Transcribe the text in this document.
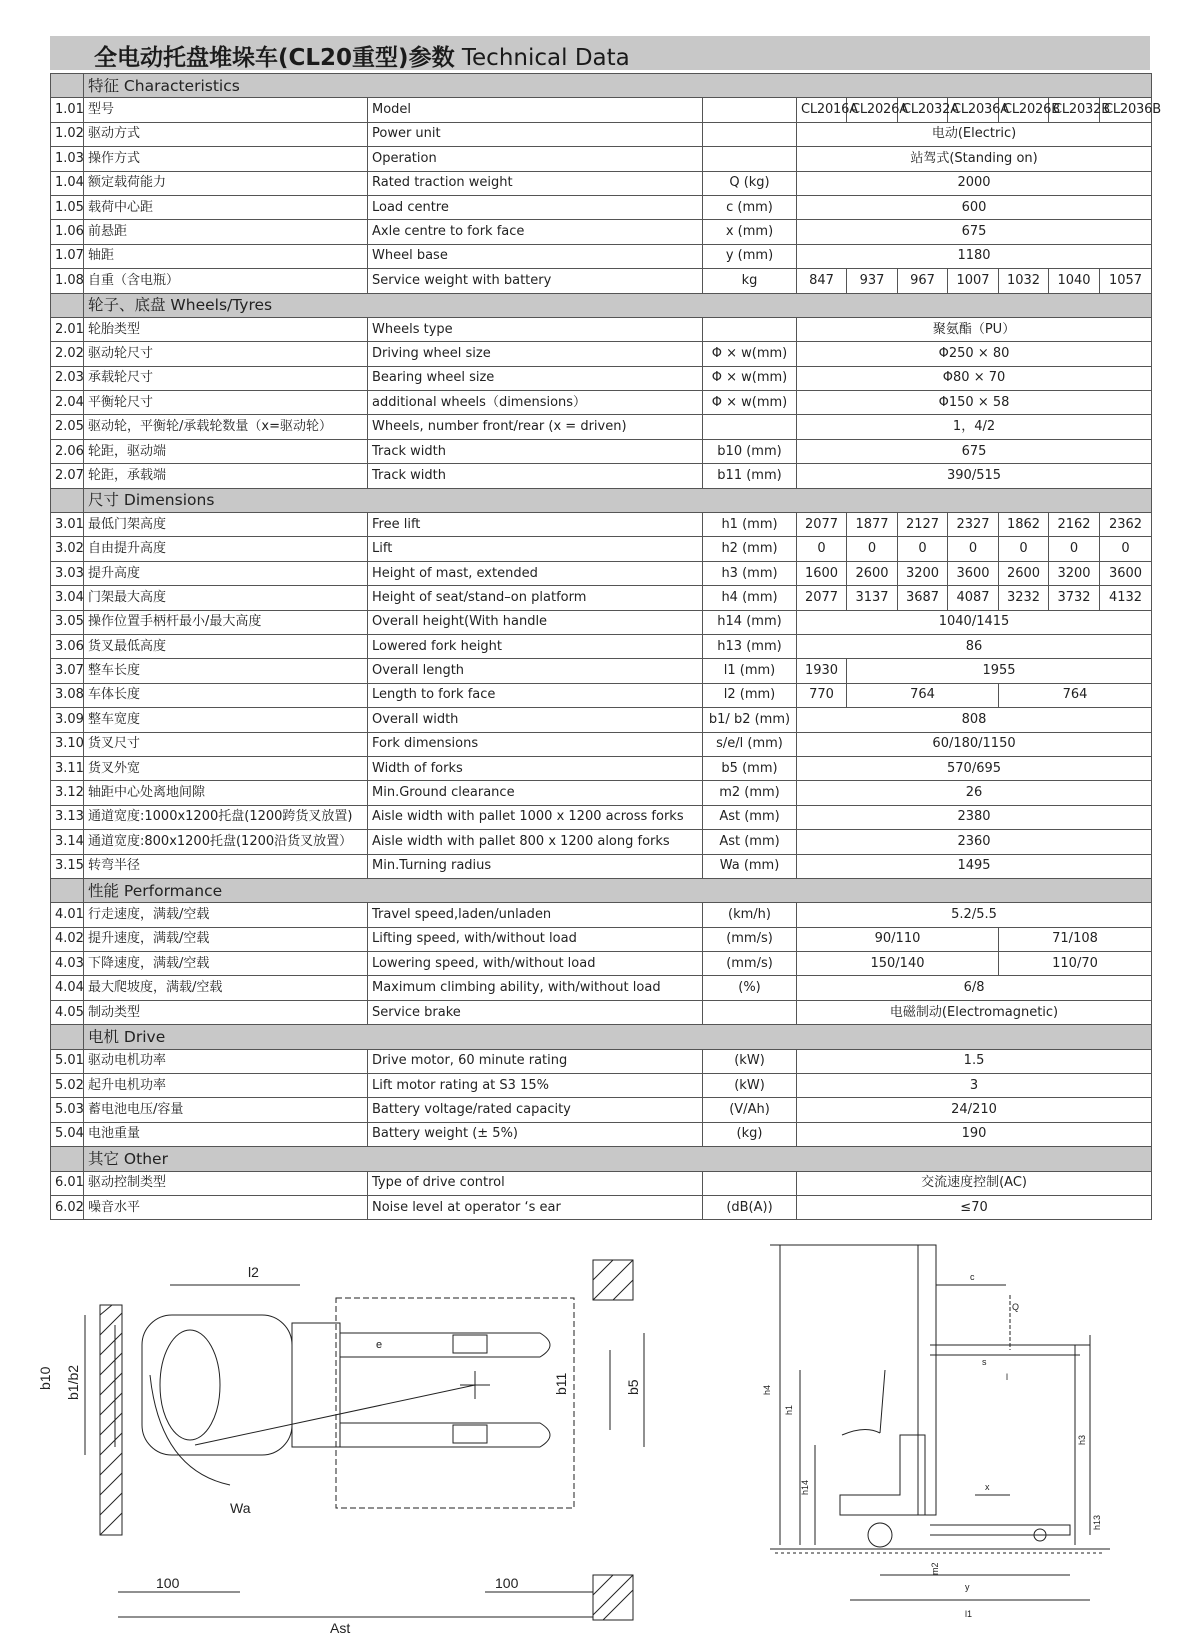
全电动托盘堆垛车(CL20重型)参数 Technical Data
	特征 Characteristics									
1.01	型号	Model		CL2016A	CL2026A	CL2032A	CL2036A	CL2026B	CL2032B	CL2036B
1.02	驱动方式	Power unit		电动(Electric)						
1.03	操作方式	Operation		站驾式(Standing on)						
1.04	额定载荷能力	Rated traction weight	Q (kg)	2000						
1.05	载荷中心距	Load centre	c (mm)	600						
1.06	前悬距	Axle centre to fork face	x (mm)	675						
1.07	轴距	Wheel base	y (mm)	1180						
1.08	自重（含电瓶）	Service weight with battery	kg	847	937	967	1007	1032	1040	1057
	轮子、底盘 Wheels/Tyres									
2.01	轮胎类型	Wheels type		聚氨酯（PU）						
2.02	驱动轮尺寸	Driving wheel size	Φ × w(mm)	Φ250 × 80						
2.03	承载轮尺寸	Bearing wheel size	Φ × w(mm)	Φ80 × 70						
2.04	平衡轮尺寸	additional wheels（dimensions）	Φ × w(mm)	Φ150 × 58						
2.05	驱动轮，平衡轮/承载轮数量（x=驱动轮）	Wheels, number front/rear (x = driven)		1，4/2						
2.06	轮距，驱动端	Track width	b10 (mm)	675						
2.07	轮距，承载端	Track width	b11 (mm)	390/515						
	尺寸 Dimensions									
3.01	最低门架高度	Free lift	h1 (mm)	2077	1877	2127	2327	1862	2162	2362
3.02	自由提升高度	Lift	h2 (mm)	0	0	0	0	0	0	0
3.03	提升高度	Height of mast, extended	h3 (mm)	1600	2600	3200	3600	2600	3200	3600
3.04	门架最大高度	Height of seat/stand–on platform	h4 (mm)	2077	3137	3687	4087	3232	3732	4132
3.05	操作位置手柄杆最小/最大高度	Overall height(With handle	h14 (mm)	1040/1415						
3.06	货叉最低高度	Lowered fork height	h13 (mm)	86						
3.07	整车长度	Overall length	l1 (mm)	1930	1955					
3.08	车体长度	Length to fork face	l2 (mm)	770	764			764		
3.09	整车宽度	Overall width	b1/ b2 (mm)	808						
3.10	货叉尺寸	Fork dimensions	s/e/l (mm)	60/180/1150						
3.11	货叉外宽	Width of forks	b5 (mm)	570/695						
3.12	轴距中心处离地间隙	Min.Ground clearance	m2 (mm)	26						
3.13	通道宽度:1000x1200托盘(1200跨货叉放置)	Aisle width with pallet 1000 x 1200 across forks	Ast (mm)	2380						
3.14	通道宽度:800x1200托盘(1200沿货叉放置）	Aisle width with pallet 800 x 1200 along forks	Ast (mm)	2360						
3.15	转弯半径	Min.Turning radius	Wa (mm)	1495						
	性能 Performance									
4.01	行走速度，满载/空载	Travel speed,laden/unladen	(km/h)	5.2/5.5						
4.02	提升速度，满载/空载	Lifting speed, with/without load	(mm/s)	90/110				71/108		
4.03	下降速度，满载/空载	Lowering speed, with/without load	(mm/s)	150/140				110/70		
4.04	最大爬坡度，满载/空载	Maximum climbing ability, with/without load	(%)	6/8						
4.05	制动类型	Service brake		电磁制动(Electromagnetic)						
	电机 Drive									
5.01	驱动电机功率	Drive motor, 60 minute rating	(kW)	1.5						
5.02	起升电机功率	Lift motor rating at S3 15%	(kW)	3						
5.03	蓄电池电压/容量	Battery voltage/rated capacity	(V/Ah)	24/210						
5.04	电池重量	Battery weight (± 5%)	(kg)	190						
	其它 Other									
6.01	驱动控制类型	Type of drive control		交流速度控制(AC)						
6.02	噪音水平	Noise level at operator ‘s ear	(dB(A))	≤70						
l2
b10 b1/b2
e
b11	b5
Wa
100	100
Ast
c
Q
s
l
h4
h1
h14
h3
x
h13
m2
y
l1
